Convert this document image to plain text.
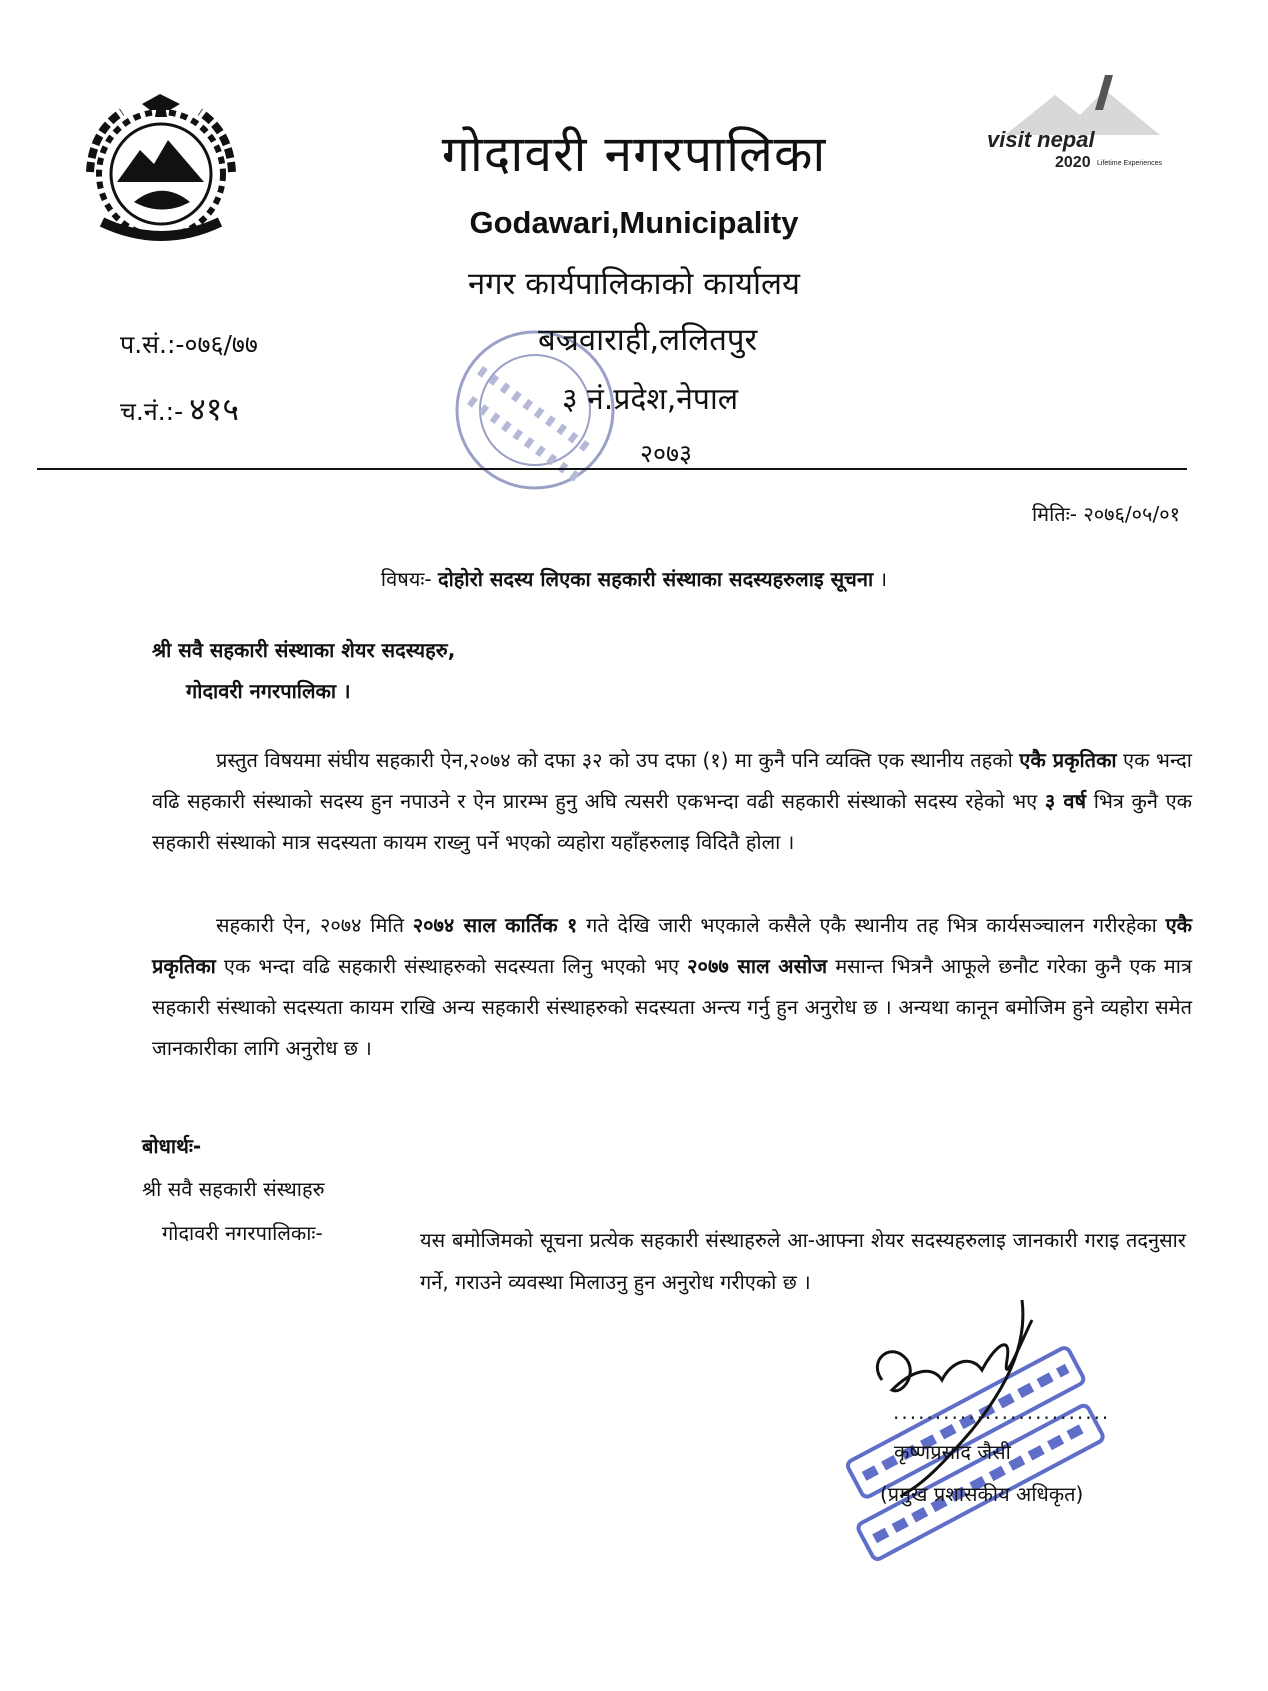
visit nepal
2020 Lifetime Experiences
गोदावरी नगरपालिका
Godawari,Municipality
नगर कार्यपालिकाको कार्यालय
बज्रवाराही,ललितपुर
३ नं.प्रदेश,नेपाल
२०७३
प.सं.:-०७६/७७
च.नं.:- ४१५
मितिः- २०७६/०५/०१
विषयः- दोहोरो सदस्य लिएका सहकारी संस्थाका सदस्यहरुलाइ सूचना ।
श्री सवै सहकारी संस्थाका शेयर सदस्यहरु,
गोदावरी नगरपालिका ।
प्रस्तुत विषयमा संघीय सहकारी ऐन,२०७४ को दफा ३२ को उप दफा (१) मा कुनै पनि व्यक्ति एक स्थानीय तहको एकै प्रकृतिका एक भन्दा वढि सहकारी संस्थाको सदस्य हुन नपाउने र ऐन प्रारम्भ हुनु अघि त्यसरी एकभन्दा वढी सहकारी संस्थाको सदस्य रहेको भए ३ वर्ष भित्र कुनै एक सहकारी संस्थाको मात्र सदस्यता कायम राख्नु पर्ने भएको व्यहोरा यहाँहरुलाइ विदितै होला ।
सहकारी ऐन, २०७४ मिति २०७४ साल कार्तिक १ गते देखि जारी भएकाले कसैले एकै स्थानीय तह भित्र कार्यसञ्चालन गरीरहेका एकै प्रकृतिका एक भन्दा वढि सहकारी संस्थाहरुको सदस्यता लिनु भएको भए २०७७ साल असोज मसान्त भित्रनै आफूले छनौट गरेका कुनै एक मात्र सहकारी संस्थाको सदस्यता कायम राखि अन्य सहकारी संस्थाहरुको सदस्यता अन्त्य गर्नु हुन अनुरोध छ । अन्यथा कानून बमोजिम हुने व्यहोरा समेत जानकारीका लागि अनुरोध छ ।
बोधार्थः-
श्री सवै सहकारी संस्थाहरु
गोदावरी नगरपालिकाः-	यस बमोजिमको सूचना प्रत्येक सहकारी संस्थाहरुले आ-आफ्ना शेयर सदस्यहरुलाइ जानकारी गराइ तदनुसार गर्ने, गराउने व्यवस्था मिलाउनु हुन अनुरोध गरीएको छ ।
..........................
कृष्णप्रसाद जैसी
(प्रमुख प्रशासकीय अधिकृत)
